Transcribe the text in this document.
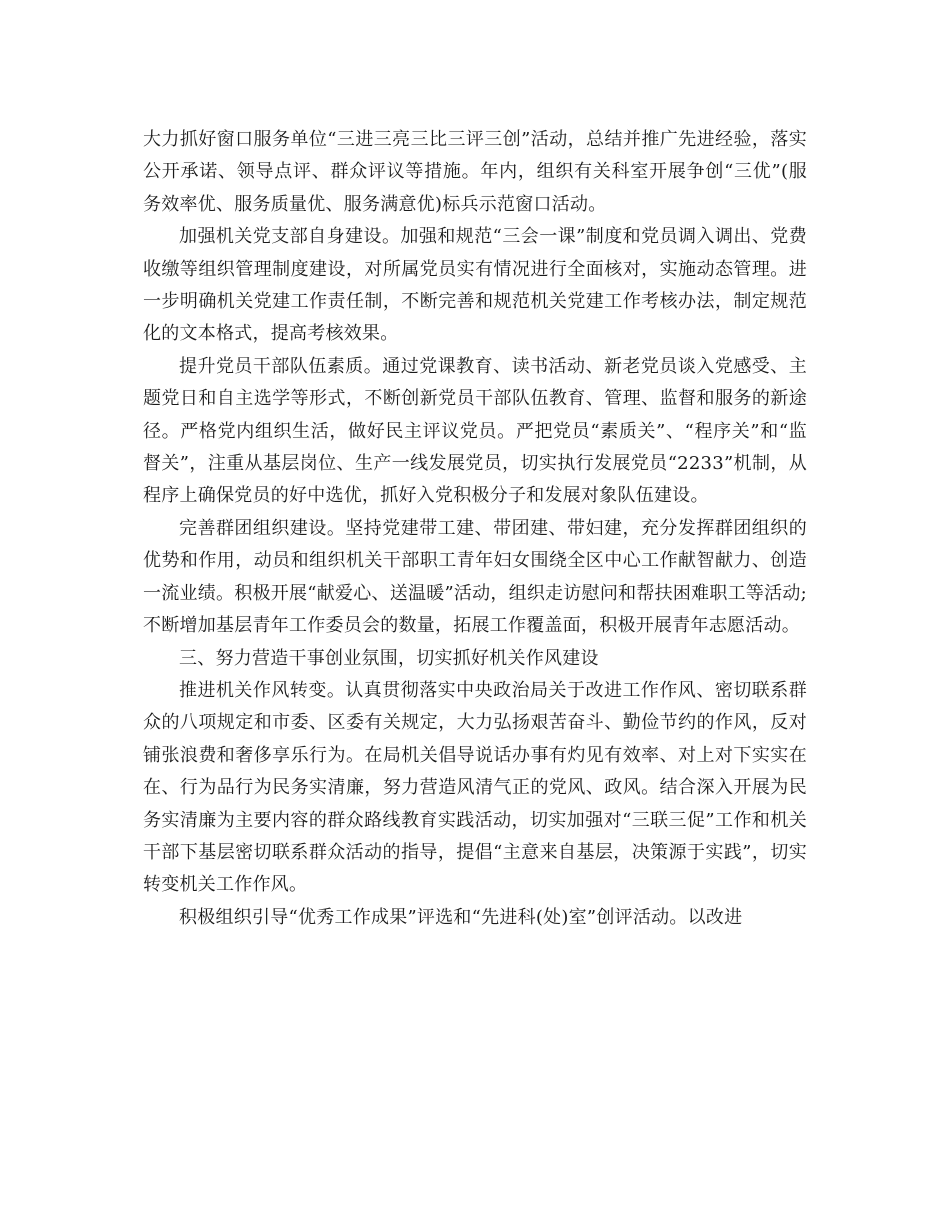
大力抓好窗口服务单位“三进三亮三比三评三创”活动，总结并推广先进经验，落实公开承诺、领导点评、群众评议等措施。年内，组织有关科室开展争创“三优”(服务效率优、服务质量优、服务满意优)标兵示范窗口活动。

加强机关党支部自身建设。加强和规范“三会一课”制度和党员调入调出、党费收缴等组织管理制度建设，对所属党员实有情况进行全面核对，实施动态管理。进一步明确机关党建工作责任制，不断完善和规范机关党建工作考核办法，制定规范化的文本格式，提高考核效果。

提升党员干部队伍素质。通过党课教育、读书活动、新老党员谈入党感受、主题党日和自主选学等形式，不断创新党员干部队伍教育、管理、监督和服务的新途径。严格党内组织生活，做好民主评议党员。严把党员“素质关”、“程序关”和“监督关”，注重从基层岗位、生产一线发展党员，切实执行发展党员“2233”机制，从程序上确保党员的好中选优，抓好入党积极分子和发展对象队伍建设。

完善群团组织建设。坚持党建带工建、带团建、带妇建，充分发挥群团组织的优势和作用，动员和组织机关干部职工青年妇女围绕全区中心工作献智献力、创造一流业绩。积极开展“献爱心、送温暖”活动，组织走访慰问和帮扶困难职工等活动;不断增加基层青年工作委员会的数量，拓展工作覆盖面，积极开展青年志愿活动。

三、努力营造干事创业氛围，切实抓好机关作风建设

推进机关作风转变。认真贯彻落实中央政治局关于改进工作作风、密切联系群众的八项规定和市委、区委有关规定，大力弘扬艰苦奋斗、勤俭节约的作风，反对铺张浪费和奢侈享乐行为。在局机关倡导说话办事有灼见有效率、对上对下实实在在、行为品行为民务实清廉，努力营造风清气正的党风、政风。结合深入开展为民务实清廉为主要内容的群众路线教育实践活动，切实加强对“三联三促”工作和机关干部下基层密切联系群众活动的指导，提倡“主意来自基层，决策源于实践”，切实转变机关工作作风。

积极组织引导“优秀工作成果”评选和“先进科(处)室”创评活动。以改进
